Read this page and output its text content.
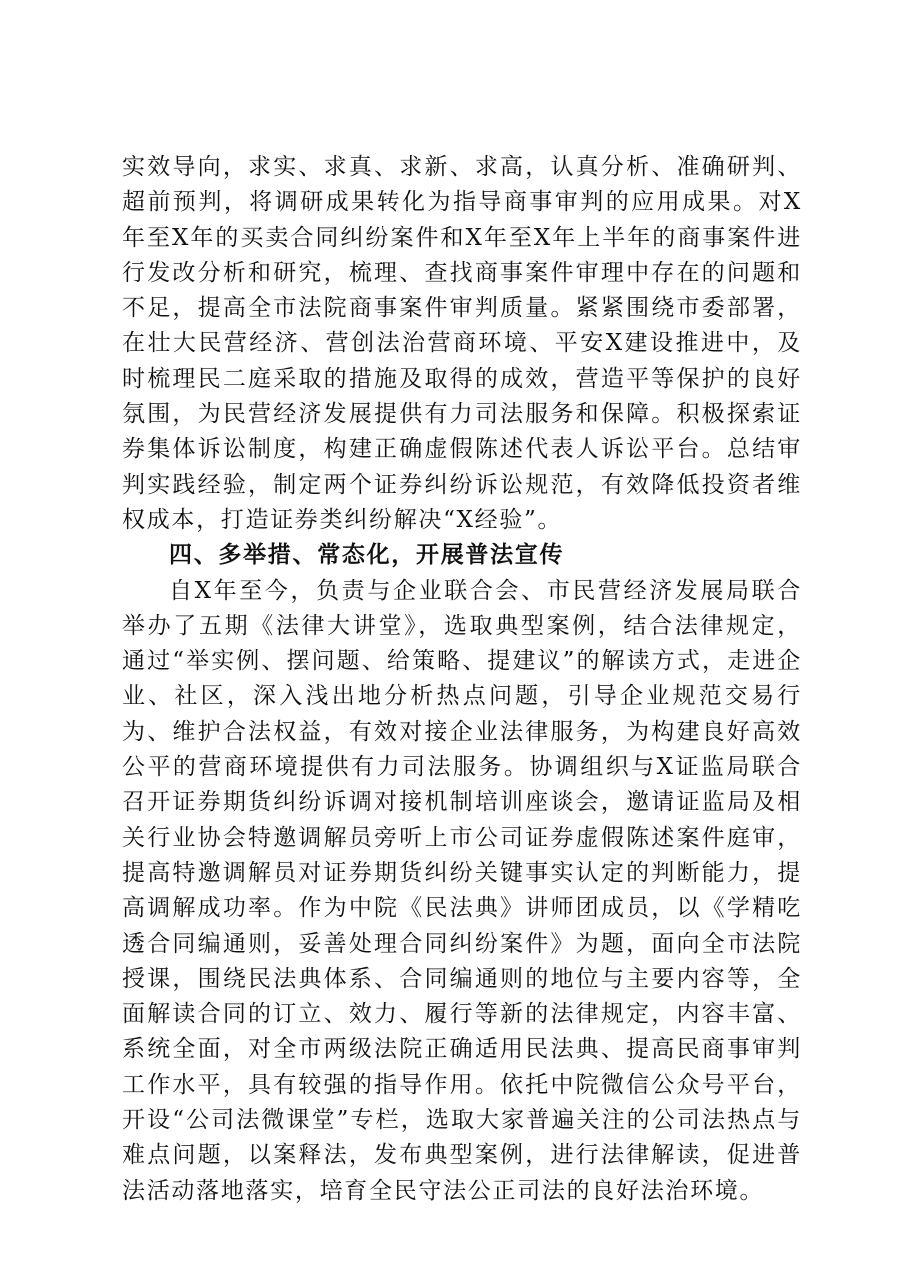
实效导向，求实、求真、求新、求高，认真分析、准确研判、超前预判，将调研成果转化为指导商事审判的应用成果。对X年至X年的买卖合同纠纷案件和X年至X年上半年的商事案件进行发改分析和研究，梳理、查找商事案件审理中存在的问题和不足，提高全市法院商事案件审判质量。紧紧围绕市委部署，在壮大民营经济、营创法治营商环境、平安X建设推进中，及时梳理民二庭采取的措施及取得的成效，营造平等保护的良好氛围，为民营经济发展提供有力司法服务和保障。积极探索证券集体诉讼制度，构建正确虚假陈述代表人诉讼平台。总结审判实践经验，制定两个证券纠纷诉讼规范，有效降低投资者维权成本，打造证券类纠纷解决“X经验”。

四、多举措、常态化，开展普法宣传

自X年至今，负责与企业联合会、市民营经济发展局联合举办了五期《法律大讲堂》，选取典型案例，结合法律规定，通过“举实例、摆问题、给策略、提建议”的解读方式，走进企业、社区，深入浅出地分析热点问题，引导企业规范交易行为、维护合法权益，有效对接企业法律服务，为构建良好高效公平的营商环境提供有力司法服务。协调组织与X证监局联合召开证券期货纠纷诉调对接机制培训座谈会，邀请证监局及相关行业协会特邀调解员旁听上市公司证券虚假陈述案件庭审，提高特邀调解员对证券期货纠纷关键事实认定的判断能力，提高调解成功率。作为中院《民法典》讲师团成员，以《学精吃透合同编通则，妥善处理合同纠纷案件》为题，面向全市法院授课，围绕民法典体系、合同编通则的地位与主要内容等，全面解读合同的订立、效力、履行等新的法律规定，内容丰富、系统全面，对全市两级法院正确适用民法典、提高民商事审判工作水平，具有较强的指导作用。依托中院微信公众号平台，开设“公司法微课堂”专栏，选取大家普遍关注的公司法热点与难点问题，以案释法，发布典型案例，进行法律解读，促进普法活动落地落实，培育全民守法公正司法的良好法治环境。
